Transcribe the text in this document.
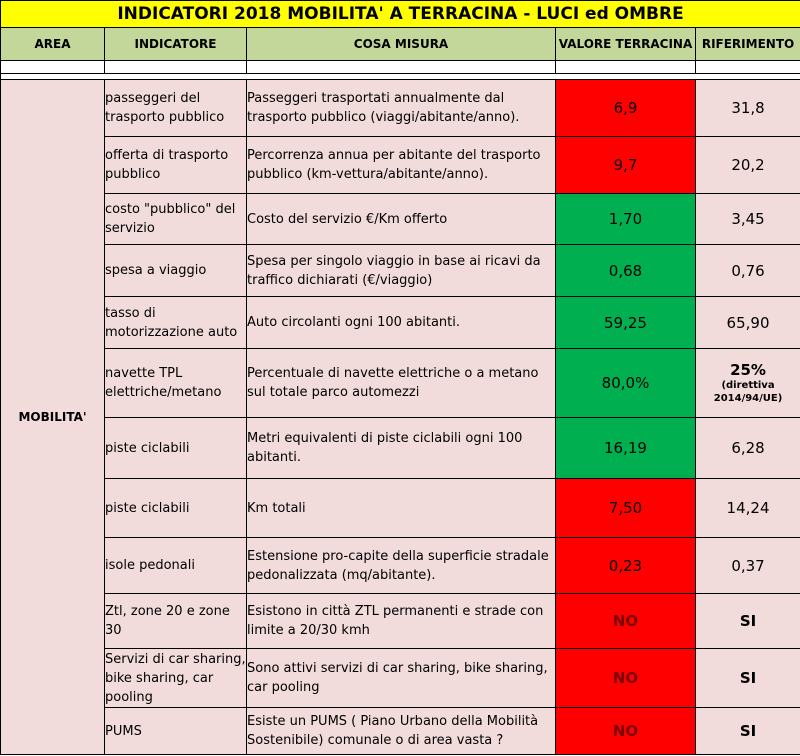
INDICATORI 2018 MOBILITA' A TERRACINA - LUCI ed OMBRE				
AREA	INDICATORE	COSA MISURA	VALORE TERRACINA	RIFERIMENTO

MOBILITA'	passeggeri del trasporto pubblico	Passeggeri trasportati annualmente dal trasporto pubblico (viaggi/abitante/anno).	6,9	31,8
	offerta di trasporto pubblico	Percorrenza annua per abitante del trasporto pubblico (km-vettura/abitante/anno).	9,7	20,2
	costo "pubblico" del servizio	Costo del servizio €/Km offerto	1,70	3,45
	spesa a viaggio	Spesa per singolo viaggio in base ai ricavi da traffico dichiarati (€/viaggio)	0,68	0,76
	tasso di motorizzazione auto	Auto circolanti ogni 100 abitanti.	59,25	65,90
	navette TPL elettriche/metano	Percentuale di navette elettriche o a metano sul totale parco automezzi	80,0%	25%
(direttiva 2014/94/UE)

	piste ciclabili	Metri equivalenti di piste ciclabili ogni 100 abitanti.	16,19	6,28
	piste ciclabili	Km totali	7,50	14,24
	isole pedonali	Estensione pro-capite della superficie stradale pedonalizzata (mq/abitante).	0,23	0,37
	Ztl, zone 20 e zone 30	Esistono in città ZTL permanenti e strade con limite a 20/30 kmh	NO	SI
	Servizi di car sharing, bike sharing, car pooling	Sono attivi servizi di car sharing, bike sharing, car pooling	NO	SI
	PUMS	Esiste un PUMS ( Piano Urbano della Mobilità Sostenibile) comunale o di area vasta ?	NO	SI
